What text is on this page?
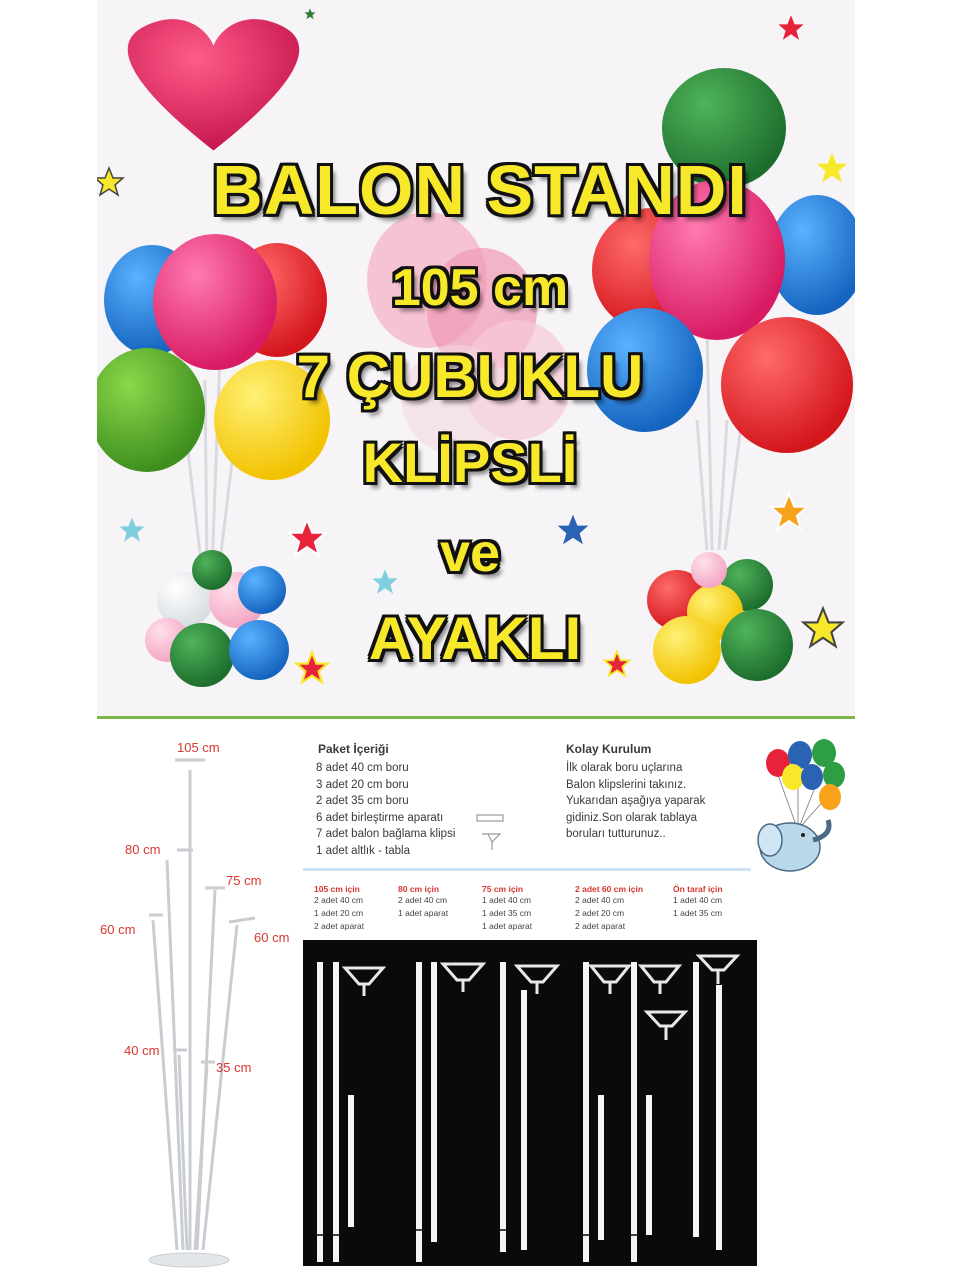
BALON STANDI
105 cm
7 ÇUBUKLU
KLİPSLİ
ve
AYAKLI
105 cm
80 cm
75 cm
60 cm
60 cm
40 cm
35 cm
Paket İçeriği
8 adet 40 cm boru
3 adet 20 cm boru
2 adet 35 cm boru
6 adet birleştirme aparatı
7 adet balon bağlama klipsi
1 adet altlık - tabla
Kolay Kurulum
İlk olarak boru uçlarına
Balon klipslerini takınız.
Yukarıdan aşağıya yaparak
gidiniz.Son olarak tablaya
boruları tutturunuz..
105 cm için
2 adet 40 cm
1 adet 20 cm
2 adet aparat
80 cm için
2 adet 40 cm
1 adet aparat
75 cm için
1 adet 40 cm
1 adet 35 cm
1 adet aparat
2 adet 60 cm için
2 adet 40 cm
2 adet 20 cm
2 adet aparat
Ön taraf için
1 adet 40 cm
1 adet 35 cm
